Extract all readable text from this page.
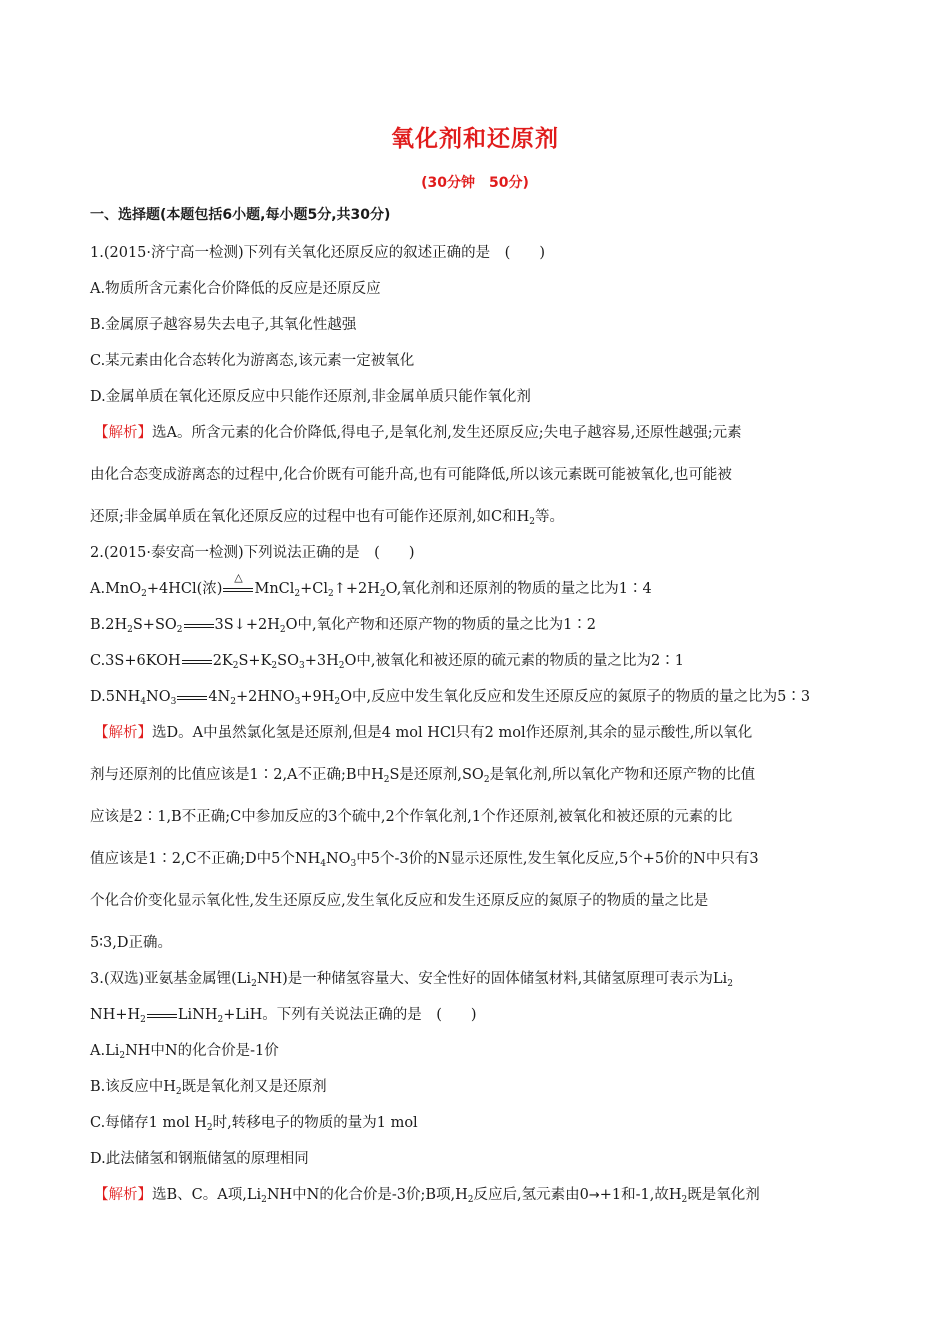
氧化剂和还原剂
(30分钟　50分)
一、选择题(本题包括6小题,每小题5分,共30分)
1.(2015·济宁高一检测)下列有关氧化还原反应的叙述正确的是　(　　)
A.物质所含元素化合价降低的反应是还原反应
B.金属原子越容易失去电子,其氧化性越强
C.某元素由化合态转化为游离态,该元素一定被氧化
D.金属单质在氧化还原反应中只能作还原剂,非金属单质只能作氧化剂
【解析】选A。所含元素的化合价降低,得电子,是氧化剂,发生还原反应;失电子越容易,还原性越强;元素
由化合态变成游离态的过程中,化合价既有可能升高,也有可能降低,所以该元素既可能被氧化,也可能被
还原;非金属单质在氧化还原反应的过程中也有可能作还原剂,如C和$H_2$等。
2.(2015·泰安高一检测)下列说法正确的是　(　　)
A.MnO$_2$+4HCl(浓)
△
$MnCl_2+Cl_2↑+2H_2O$,氧化剂和还原剂的物质的量之比为1∶4
$B.2H_2S+SO_2$ $3S↓+2H_2O$中,氧化产物和还原产物的物质的量之比为1∶2
C.3S+6KOH $2K_2S+K_2SO_3+3H_2O$中,被氧化和被还原的硫元素的物质的量之比为2∶1
$D.5NH_4NO_3$ $4N_2+2HNO_3+9H_2O$中,反应中发生氧化反应和发生还原反应的氮原子的物质的量之比为5∶3
【解析】选D。A中虽然氯化氢是还原剂,但是4 mol HCl只有2 mol作还原剂,其余的显示酸性,所以氧化
剂与还原剂的比值应该是1∶2,A不正确;B中$H_2S$是还原剂$,SO_2$是氧化剂,所以氧化产物和还原产物的比值
应该是2∶1,B不正确;C中参加反应的3个硫中,2个作氧化剂,1个作还原剂,被氧化和被还原的元素的比
值应该是1∶2,C不正确;D中5个$NH_4NO_3$中5个-3价的N显示还原性,发生氧化反应,5个+5价的N中只有3
个化合价变化显示氧化性,发生还原反应,发生氧化反应和发生还原反应的氮原子的物质的量之比是
5∶3,D正确。
3.(双选)亚氨基金属锂$(Li_2NH)$是一种储氢容量大、安全性好的固体储氢材料,其储氢原理可表示为$Li_2$
$NH+H_2$ LiNH$_2$+LiH。下列有关说法正确的是　(　　)
$A.Li_2NH$中N的化合价是-1价
B.该反应中$H_2$既是氧化剂又是还原剂
C.每储存1 mol $H_2$时,转移电子的物质的量为1 mol
D.此法储氢和钢瓶储氢的原理相同
【解析】选B、C。A项$,Li_2NH$中N的化合价是-3价;B项$,H_2$反应后,氢元素由0→+1和-1,故$H_2$既是氧化剂
